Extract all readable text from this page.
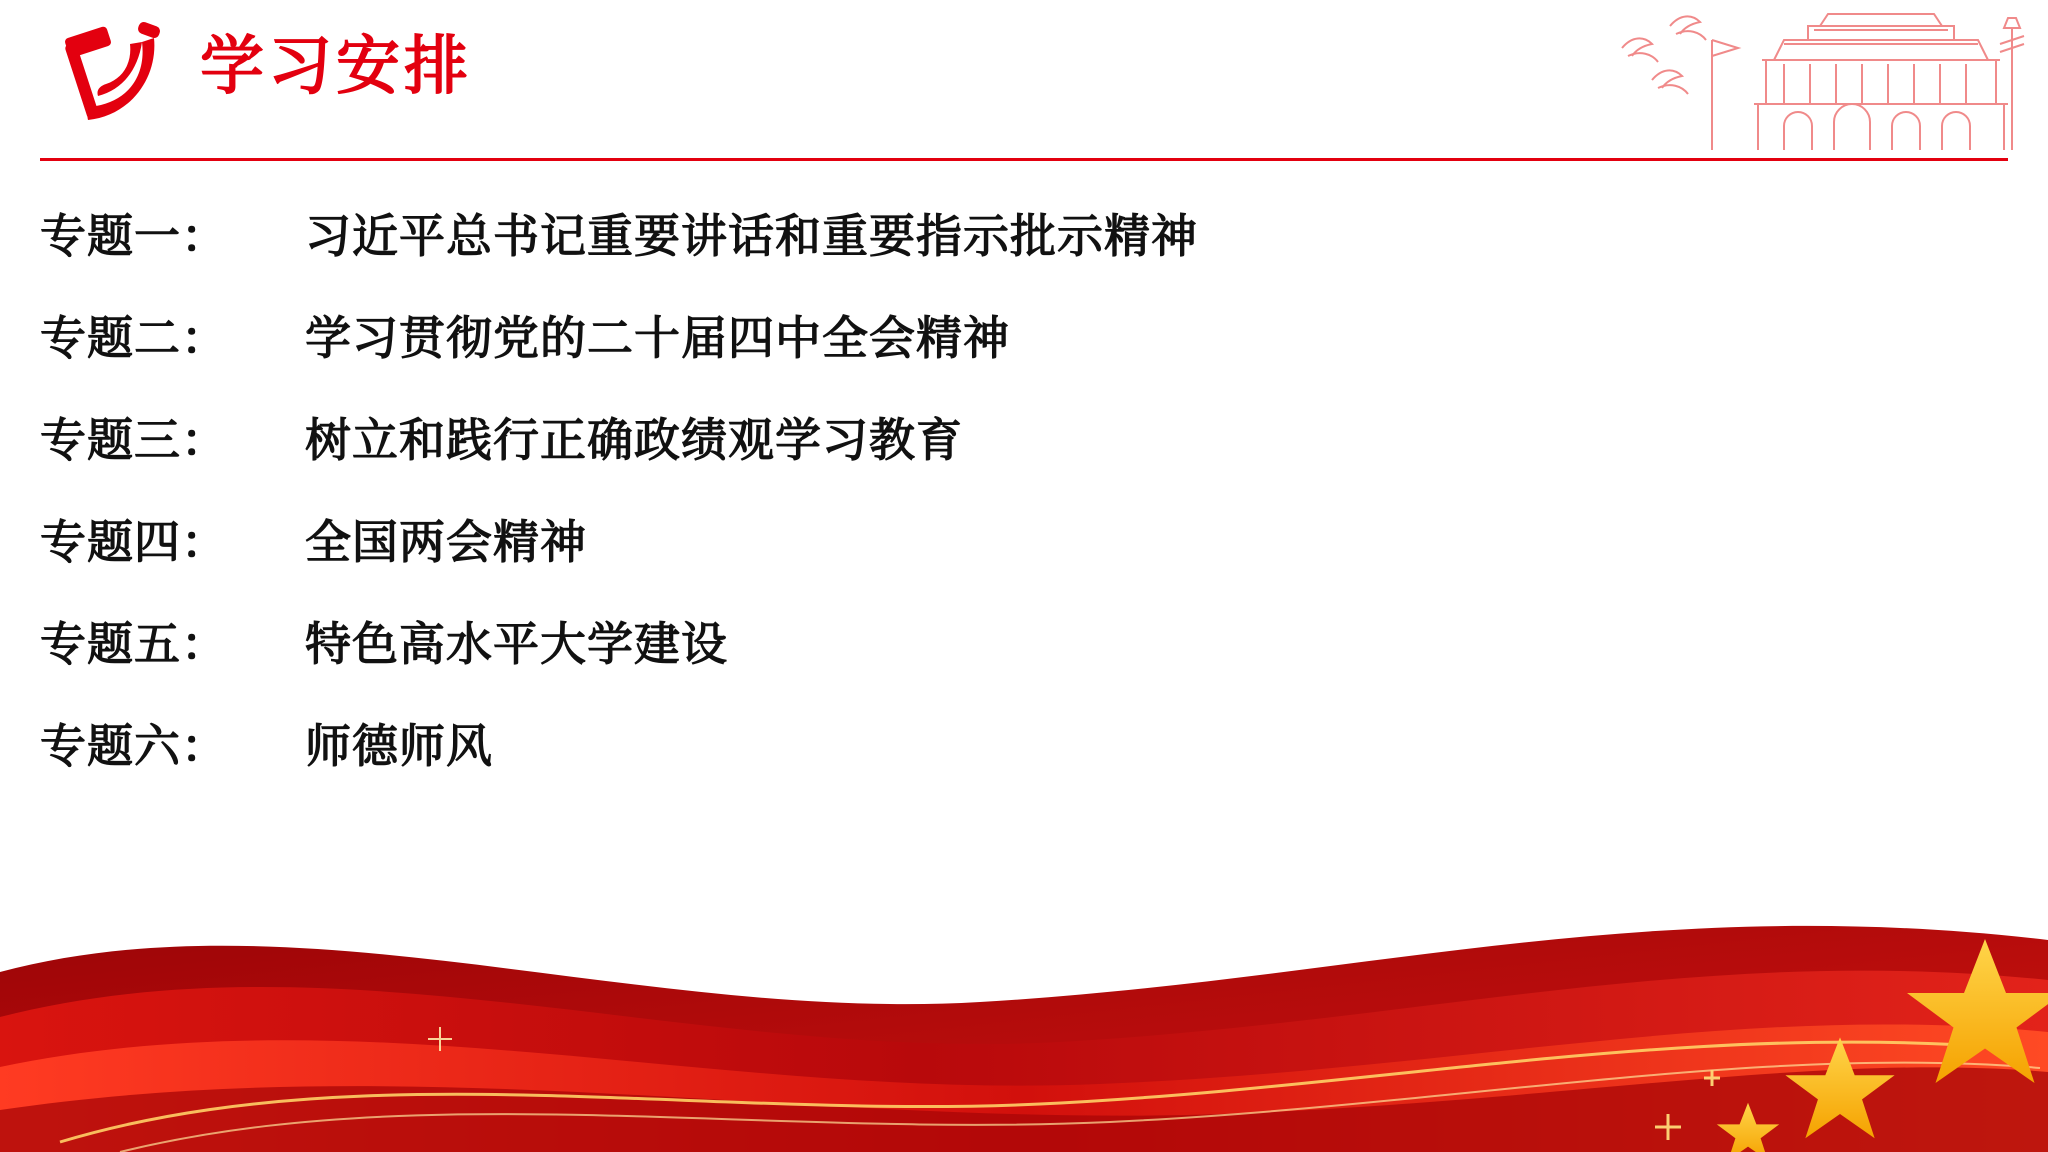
学习安排
专题一：	习近平总书记重要讲话和重要指示批示精神
专题二：	学习贯彻党的二十届四中全会精神
专题三：	树立和践行正确政绩观学习教育
专题四：	全国两会精神
专题五：	特色高水平大学建设
专题六：	师德师风
